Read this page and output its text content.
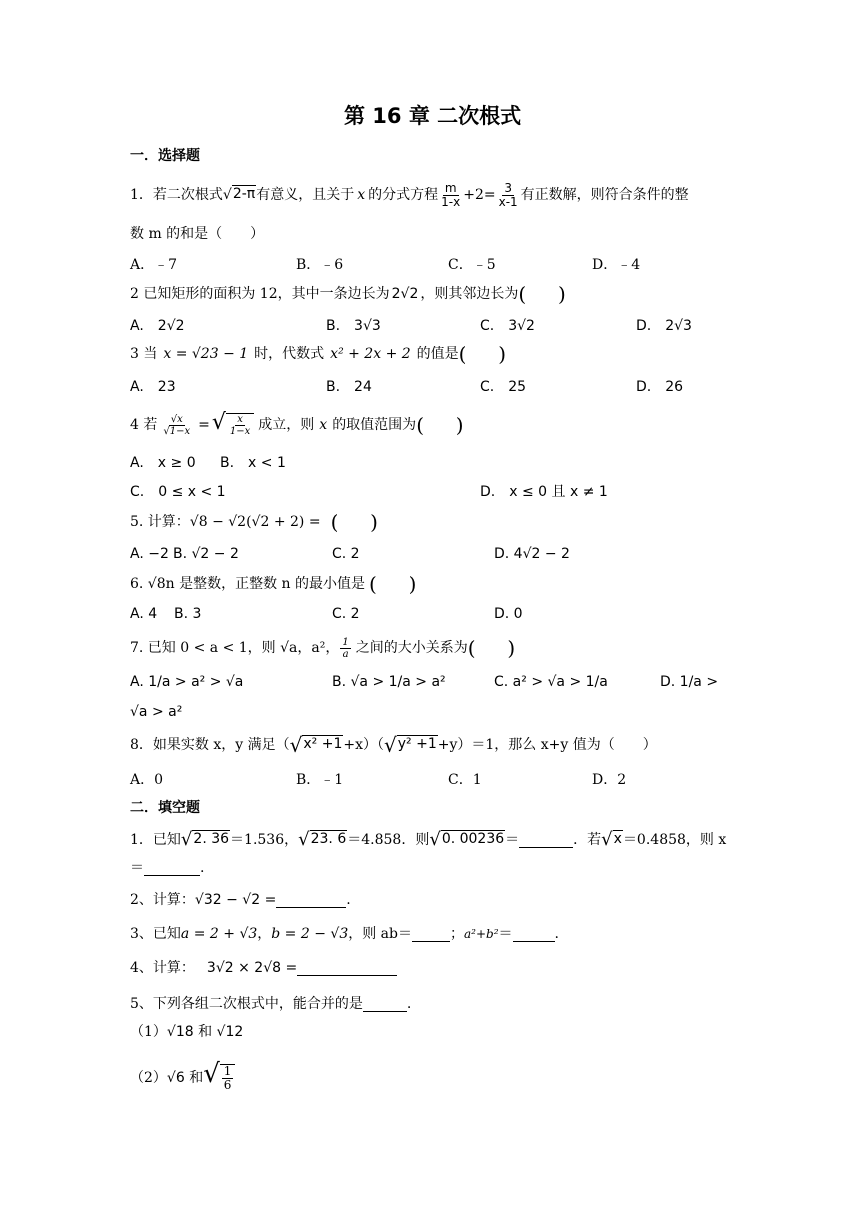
第 16 章 二次根式
一．选择题
1．若二次根式 √ 2-π 有意义，且关于 x 的分式方程 $\frac{m}{1-x} +2= \frac{3}{x-1}$ 有正数解，则符合条件的整
数 m 的和是（　　）
A．﹣7	B．﹣6	C．﹣5	D．﹣4
2 已知矩形的面积为 12，其中一条边长为 2√2 ，则其邻边长为 (     )
A.　2√2	B.　3√3	C.　3√2	D.　2√3
3 当 x = √23 − 1 时，代数式 x² + 2x + 2 的值是 (     )
A.　23	B.　24	C.　25	D.　26
4 若 $\frac{√x}{√1-x}$ = √ $\frac{x}{1-x}$ 成立，则 x 的取值范围为 (     )
A.　x ≥ 0 B.　x < 1
C.　0 ≤ x < 1	D.　x ≤ 0 且 x ≠ 1
5. 计算：√8 − √2(√2 + 2) = (     )
A. −2 B. √2 − 2	C. 2	D. 4√2 − 2
6. √8n 是整数，正整数 n 的最小值是 (     )
A. 4 B. 3	C. 2	D. 0
7. 已知 0 < a < 1，则 √a，a²， $\frac{1}{a}$ 之间的大小关系为 (     )
A. 1/a > a² > √a	B. √a > 1/a > a²	C. a² > √a > 1/a	D. 1/a >
√a > a²
8．如果实数 x，y 满足（ √ x² +1 +x）（ √ y² +1 +y）＝1，那么 x+y 值为（　　）
A．0	B．﹣1	C．1	D．2
二．填空题
1．已知 √ 2. 36 ＝1.536， √ 23. 6 ＝4.858．则 √ 0. 00236 ＝	．若 √ x ＝0.4858，则 x
＝	.
2、计算： √32 − √2 =	.
3、已知 a = 2 + √3 ， b = 2 − √3 ，则 ab＝	； a²+b² ＝	.
4、计算： 3√2 × 2√8 =
5、下列各组二次根式中，能合并的是	.
（1） √18 和 √12
（2） √6 和 √ $\frac{1}{6}$
